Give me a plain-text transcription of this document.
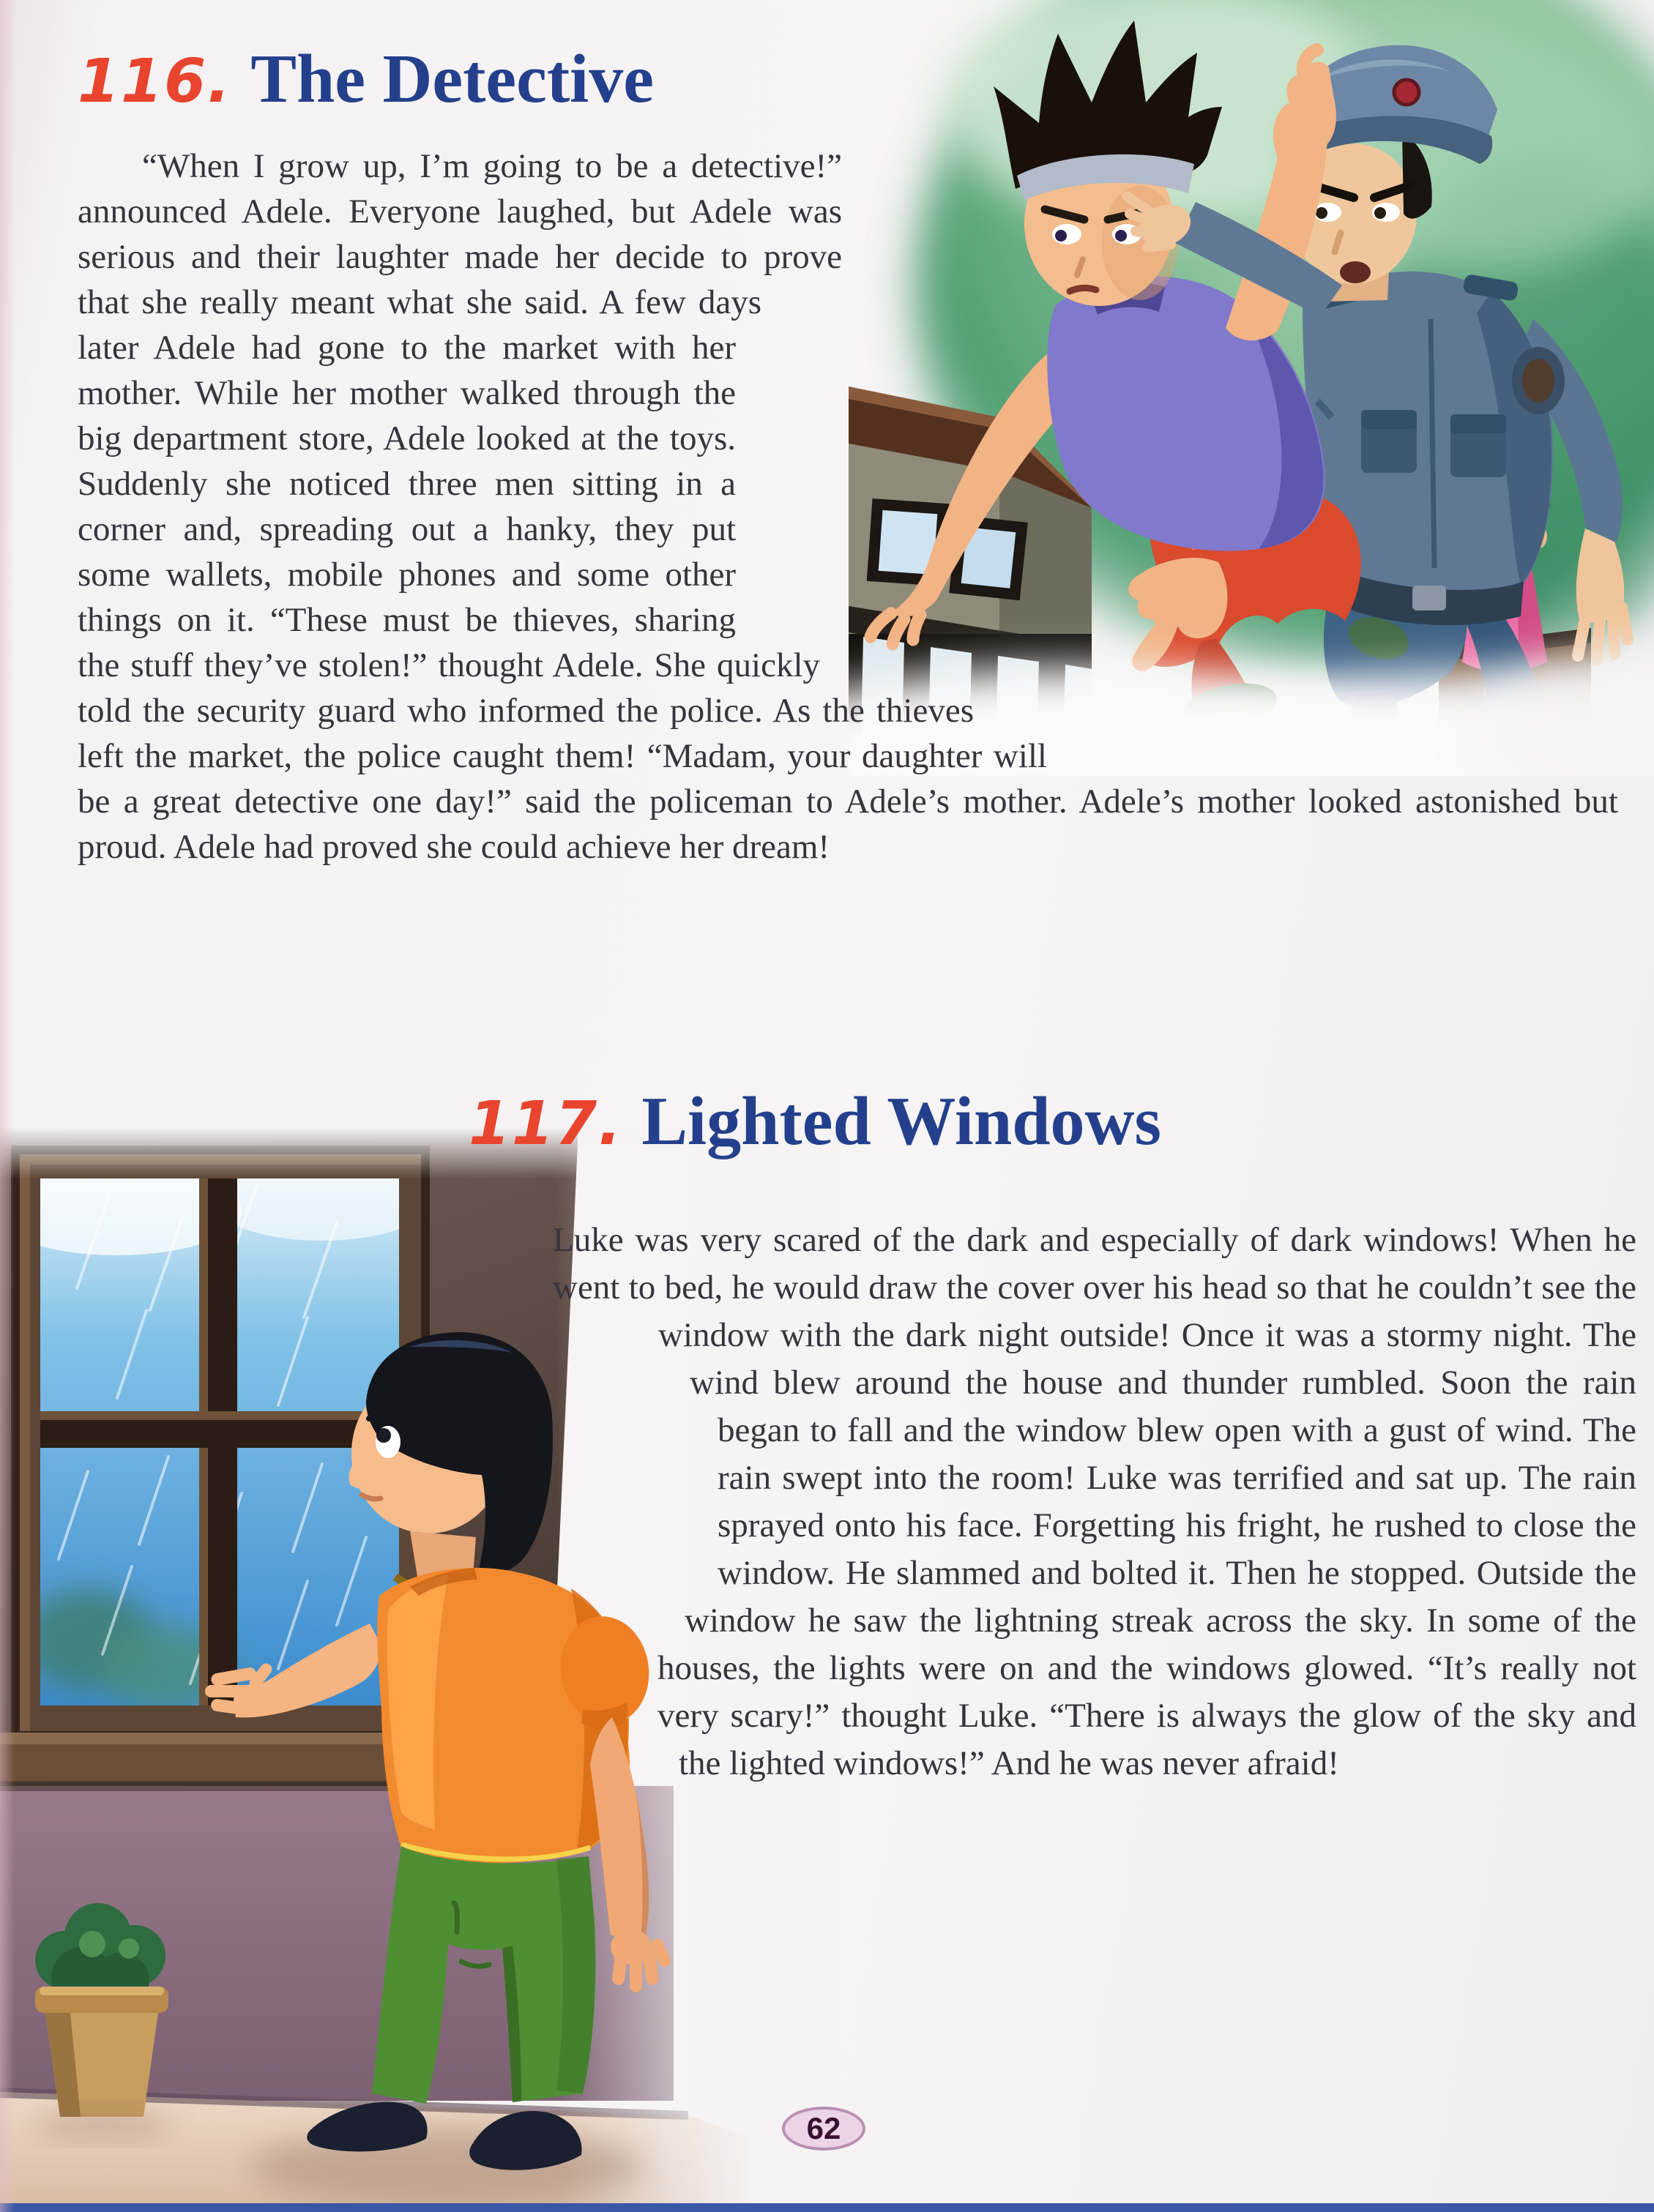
116. The Detective

“When I grow up, I’m going to be a detective!” announced Adele. Everyone laughed, but Adele was serious and their laughter made her decide to prove that she really meant what she said. A few days later Adele had gone to the market with her mother. While her mother walked through the big department store, Adele looked at the toys. Suddenly she noticed three men sitting in a corner and, spreading out a hanky, they put some wallets, mobile phones and some other things on it. “These must be thieves, sharing the stuff they’ve stolen!” thought Adele. She quickly told the security guard who informed the police. As the thieves left the market, the police caught them! “Madam, your daughter will be a great detective one day!” said the policeman to Adele’s mother. Adele’s mother looked astonished but proud. Adele had proved she could achieve her dream!

117. Lighted Windows

Luke was very scared of the dark and especially of dark windows! When he went to bed, he would draw the cover over his head so that he couldn’t see the window with the dark night outside! Once it was a stormy night. The wind blew around the house and thunder rumbled. Soon the rain began to fall and the window blew open with a gust of wind. The rain swept into the room! Luke was terrified and sat up. The rain sprayed onto his face. Forgetting his fright, he rushed to close the window. He slammed and bolted it. Then he stopped. Outside the window he saw the lightning streak across the sky. In some of the houses, the lights were on and the windows glowed. “It’s really not very scary!” thought Luke. “There is always the glow of the sky and the lighted windows!” And he was never afraid!

62
